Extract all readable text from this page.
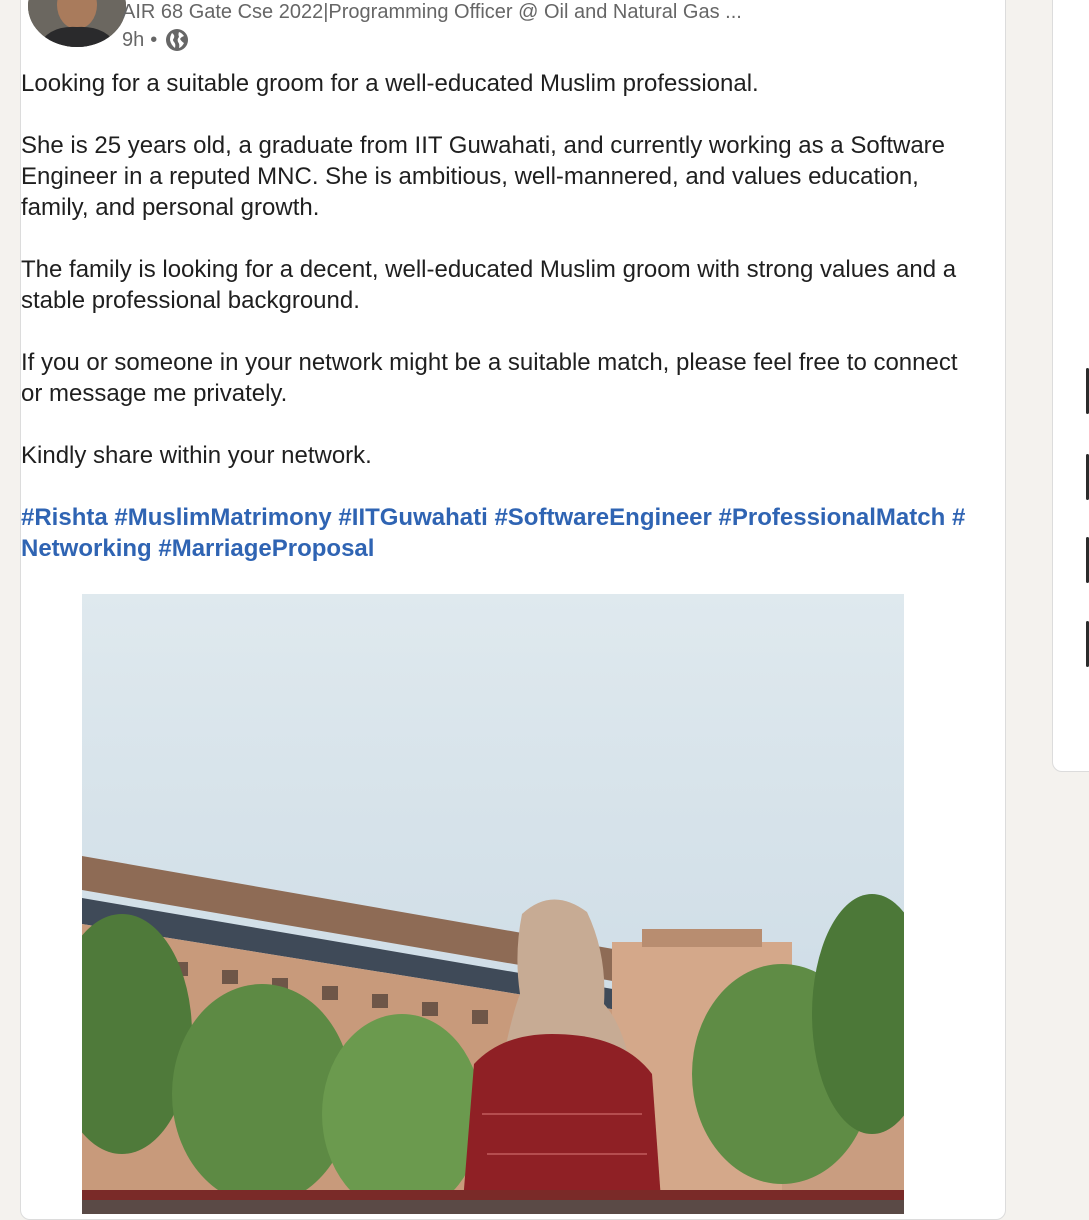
AIR 68 Gate Cse 2022|Programming Officer @ Oil and Natural Gas ...
9h •

Looking for a suitable groom for a well-educated Muslim professional.

She is 25 years old, a graduate from IIT Guwahati, and currently working as a Software Engineer in a reputed MNC. She is ambitious, well-mannered, and values education, family, and personal growth.

The family is looking for a decent, well-educated Muslim groom with strong values and a stable professional background.

If you or someone in your network might be a suitable match, please feel free to connect or message me privately.

Kindly share within your network.

#Rishta #MuslimMatrimony #IITGuwahati #SoftwareEngineer #ProfessionalMatch #Networking #MarriageProposal
